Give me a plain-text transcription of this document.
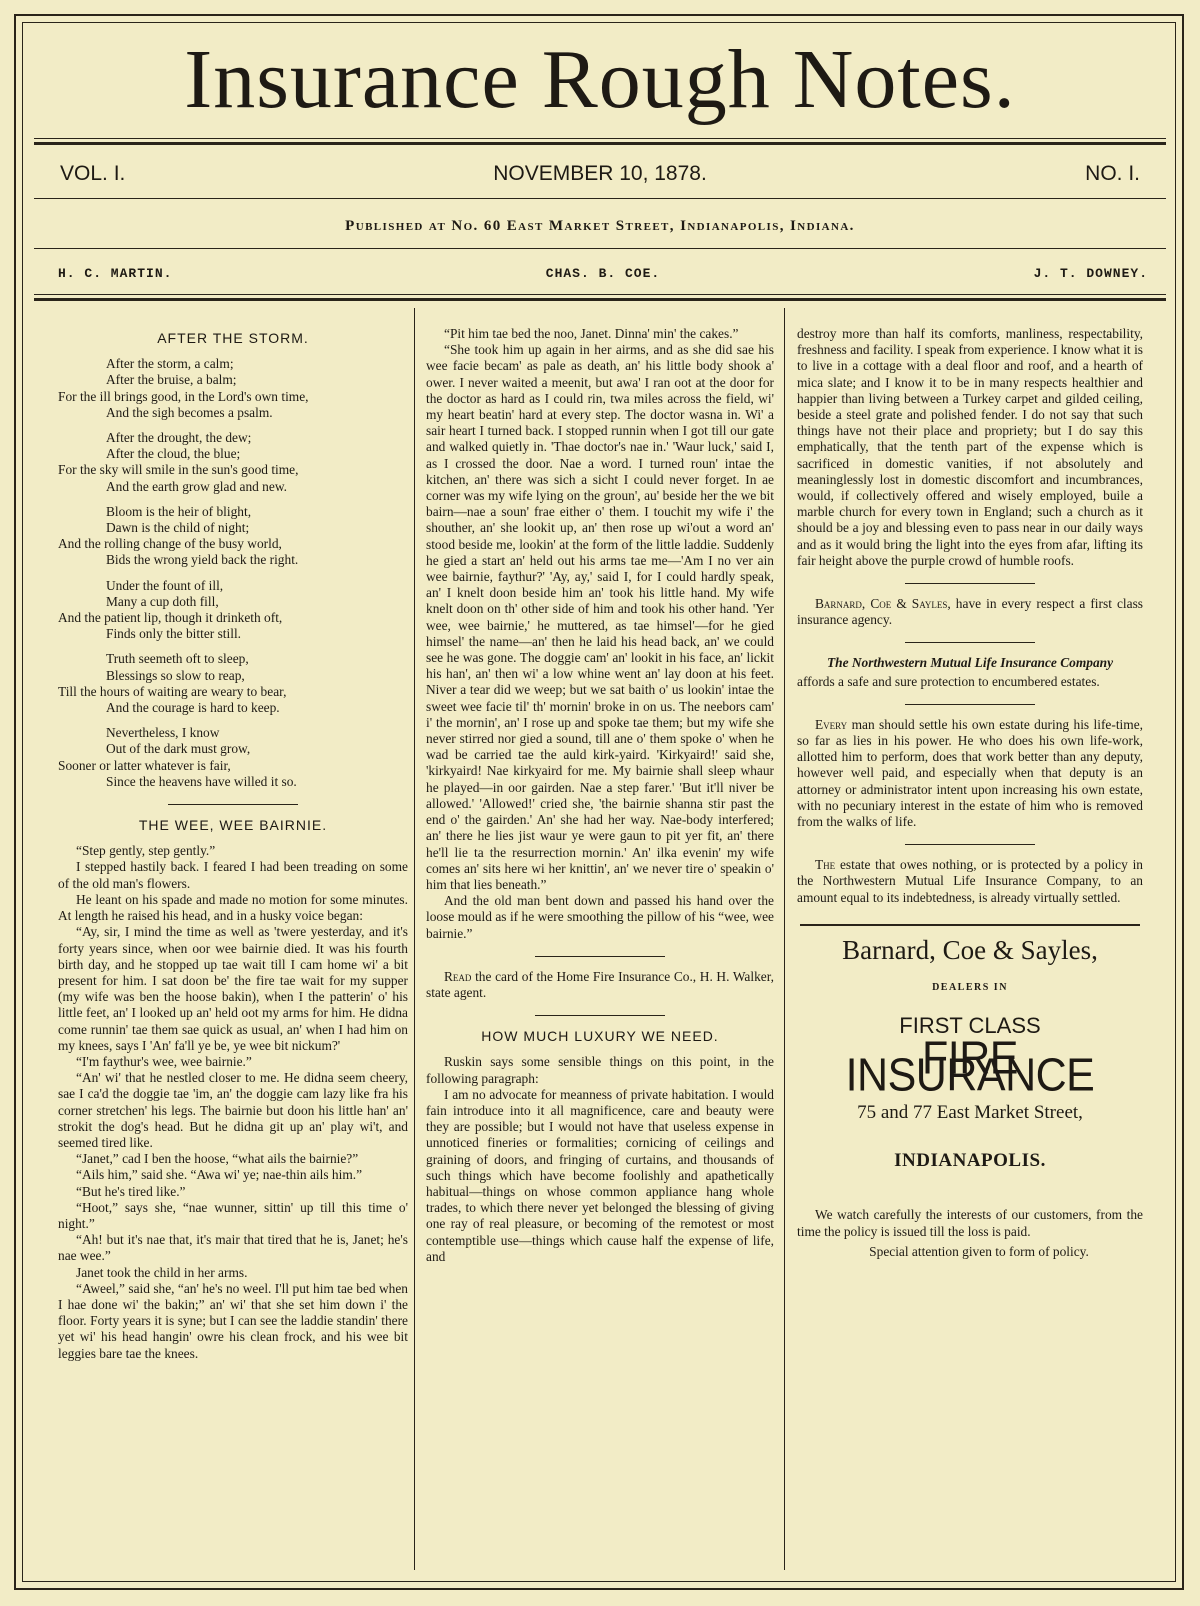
Insurance Rough Notes.
VOL. I.	NOVEMBER 10, 1878.	NO. I.
Published at No. 60 East Market Street, Indianapolis, Indiana.
H. C. MARTIN.	CHAS. B. COE.	J. T. DOWNEY.
AFTER THE STORM.
After the storm, a calm;
After the bruise, a balm;
For the ill brings good, in the Lord's own time,
And the sigh becomes a psalm.
After the drought, the dew;
After the cloud, the blue;
For the sky will smile in the sun's good time,
And the earth grow glad and new.
Bloom is the heir of blight,
Dawn is the child of night;
And the rolling change of the busy world,
Bids the wrong yield back the right.
Under the fount of ill,
Many a cup doth fill,
And the patient lip, though it drinketh oft,
Finds only the bitter still.
Truth seemeth oft to sleep,
Blessings so slow to reap,
Till the hours of waiting are weary to bear,
And the courage is hard to keep.
Nevertheless, I know
Out of the dark must grow,
Sooner or latter whatever is fair,
Since the heavens have willed it so.
THE WEE, WEE BAIRNIE.

“Step gently, step gently.”

I stepped hastily back. I feared I had been treading on some of the old man's flowers.

He leant on his spade and made no motion for some minutes. At length he raised his head, and in a husky voice began:

“Ay, sir, I mind the time as well as 'twere yesterday, and it's forty years since, when oor wee bairnie died. It was his fourth birth day, and he stopped up tae wait till I cam home wi' a bit present for him. I sat doon be' the fire tae wait for my supper (my wife was ben the hoose bakin), when I the patterin' o' his little feet, an' I looked up an' held oot my arms for him. He didna come runnin' tae them sae quick as usual, an' when I had him on my knees, says I 'An' fa'll ye be, ye wee bit nickum?'

“I'm faythur's wee, wee bairnie.”

“An' wi' that he nestled closer to me. He didna seem cheery, sae I ca'd the doggie tae 'im, an' the doggie cam lazy like fra his corner stretchen' his legs. The bairnie but doon his little han' an' strokit the dog's head. But he didna git up an' play wi't, and seemed tired like.

“Janet,” cad I ben the hoose, “what ails the bairnie?”

“Ails him,” said she. “Awa wi' ye; nae-thin ails him.”

“But he's tired like.”

“Hoot,” says she, “nae wunner, sittin' up till this time o' night.”

“Ah! but it's nae that, it's mair that tired that he is, Janet; he's nae wee.”

Janet took the child in her arms.

“Aweel,” said she, “an' he's no weel. I'll put him tae bed when I hae done wi' the bakin;” an' wi' that she set him down i' the floor. Forty years it is syne; but I can see the laddie standin' there yet wi' his head hangin' owre his clean frock, and his wee bit leggies bare tae the knees.

“Pit him tae bed the noo, Janet. Dinna' min' the cakes.”

“She took him up again in her airms, and as she did sae his wee facie becam' as pale as death, an' his little body shook a' ower. I never waited a meenit, but awa' I ran oot at the door for the doctor as hard as I could rin, twa miles across the field, wi' my heart beatin' hard at every step. The doctor wasna in. Wi' a sair heart I turned back. I stopped runnin when I got till our gate and walked quietly in. 'Thae doctor's nae in.' 'Waur luck,' said I, as I crossed the door. Nae a word. I turned roun' intae the kitchen, an' there was sich a sicht I could never forget. In ae corner was my wife lying on the groun', au' beside her the we bit bairn—nae a soun' frae either o' them. I touchit my wife i' the shouther, an' she lookit up, an' then rose up wi'out a word an' stood beside me, lookin' at the form of the little laddie. Suddenly he gied a start an' held out his arms tae me—'Am I no ver ain wee bairnie, faythur?' 'Ay, ay,' said I, for I could hardly speak, an' I knelt doon beside him an' took his little hand. My wife knelt doon on th' other side of him and took his other hand. 'Yer wee, wee bairnie,' he muttered, as tae himsel'—for he gied himsel' the name—an' then he laid his head back, an' we could see he was gone. The doggie cam' an' lookit in his face, an' lickit his han', an' then wi' a low whine went an' lay doon at his feet. Niver a tear did we weep; but we sat baith o' us lookin' intae the sweet wee facie til' th' mornin' broke in on us. The neebors cam' i' the mornin', an' I rose up and spoke tae them; but my wife she never stirred nor gied a sound, till ane o' them spoke o' when he wad be carried tae the auld kirk-yaird. 'Kirkyaird!' said she, 'kirkyaird! Nae kirkyaird for me. My bairnie shall sleep whaur he played—in oor gairden. Nae a step farer.' 'But it'll niver be allowed.' 'Allowed!' cried she, 'the bairnie shanna stir past the end o' the gairden.' An' she had her way. Nae-body interfered; an' there he lies jist waur ye were gaun to pit yer fit, an' there he'll lie ta the resurrection mornin.' An' ilka evenin' my wife comes an' sits here wi her knittin', an' we never tire o' speakin o' him that lies beneath.”

And the old man bent down and passed his hand over the loose mould as if he were smoothing the pillow of his “wee, wee bairnie.”

Read the card of the Home Fire Insurance Co., H. H. Walker, state agent.

HOW MUCH LUXURY WE NEED.

Ruskin says some sensible things on this point, in the following paragraph:

I am no advocate for meanness of private habitation. I would fain introduce into it all magnificence, care and beauty were they are possible; but I would not have that useless expense in unnoticed fineries or formalities; cornicing of ceilings and graining of doors, and fringing of curtains, and thousands of such things which have become foolishly and apathetically habitual—things on whose common appliance hang whole trades, to which there never yet belonged the blessing of giving one ray of real pleasure, or becoming of the remotest or most contemptible use—things which cause half the expense of life, and

destroy more than half its comforts, manliness, respectability, freshness and facility. I speak from experience. I know what it is to live in a cottage with a deal floor and roof, and a hearth of mica slate; and I know it to be in many respects healthier and happier than living between a Turkey carpet and gilded ceiling, beside a steel grate and polished fender. I do not say that such things have not their place and propriety; but I do say this emphatically, that the tenth part of the expense which is sacrificed in domestic vanities, if not absolutely and meaninglessly lost in domestic discomfort and incumbrances, would, if collectively offered and wisely employed, buile a marble church for every town in England; such a church as it should be a joy and blessing even to pass near in our daily ways and as it would bring the light into the eyes from afar, lifting its fair height above the purple crowd of humble roofs.

Barnard, Coe & Sayles, have in every respect a first class insurance agency.

The Northwestern Mutual Life Insurance Company

affords a safe and sure protection to encumbered estates.

Every man should settle his own estate during his life-time, so far as lies in his power. He who does his own life-work, allotted him to perform, does that work better than any deputy, however well paid, and especially when that deputy is an attorney or administrator intent upon increasing his own estate, with no pecuniary interest in the estate of him who is removed from the walks of life.

The estate that owes nothing, or is protected by a policy in the Northwestern Mutual Life Insurance Company, to an amount equal to its indebtedness, is already virtually settled.

Barnard, Coe & Sayles,
DEALERS IN
FIRST CLASS
FIRE INSURANCE
75 and 77 East Market Street,
INDIANAPOLIS.

We watch carefully the interests of our customers, from the time the policy is issued till the loss is paid.

Special attention given to form of policy.
